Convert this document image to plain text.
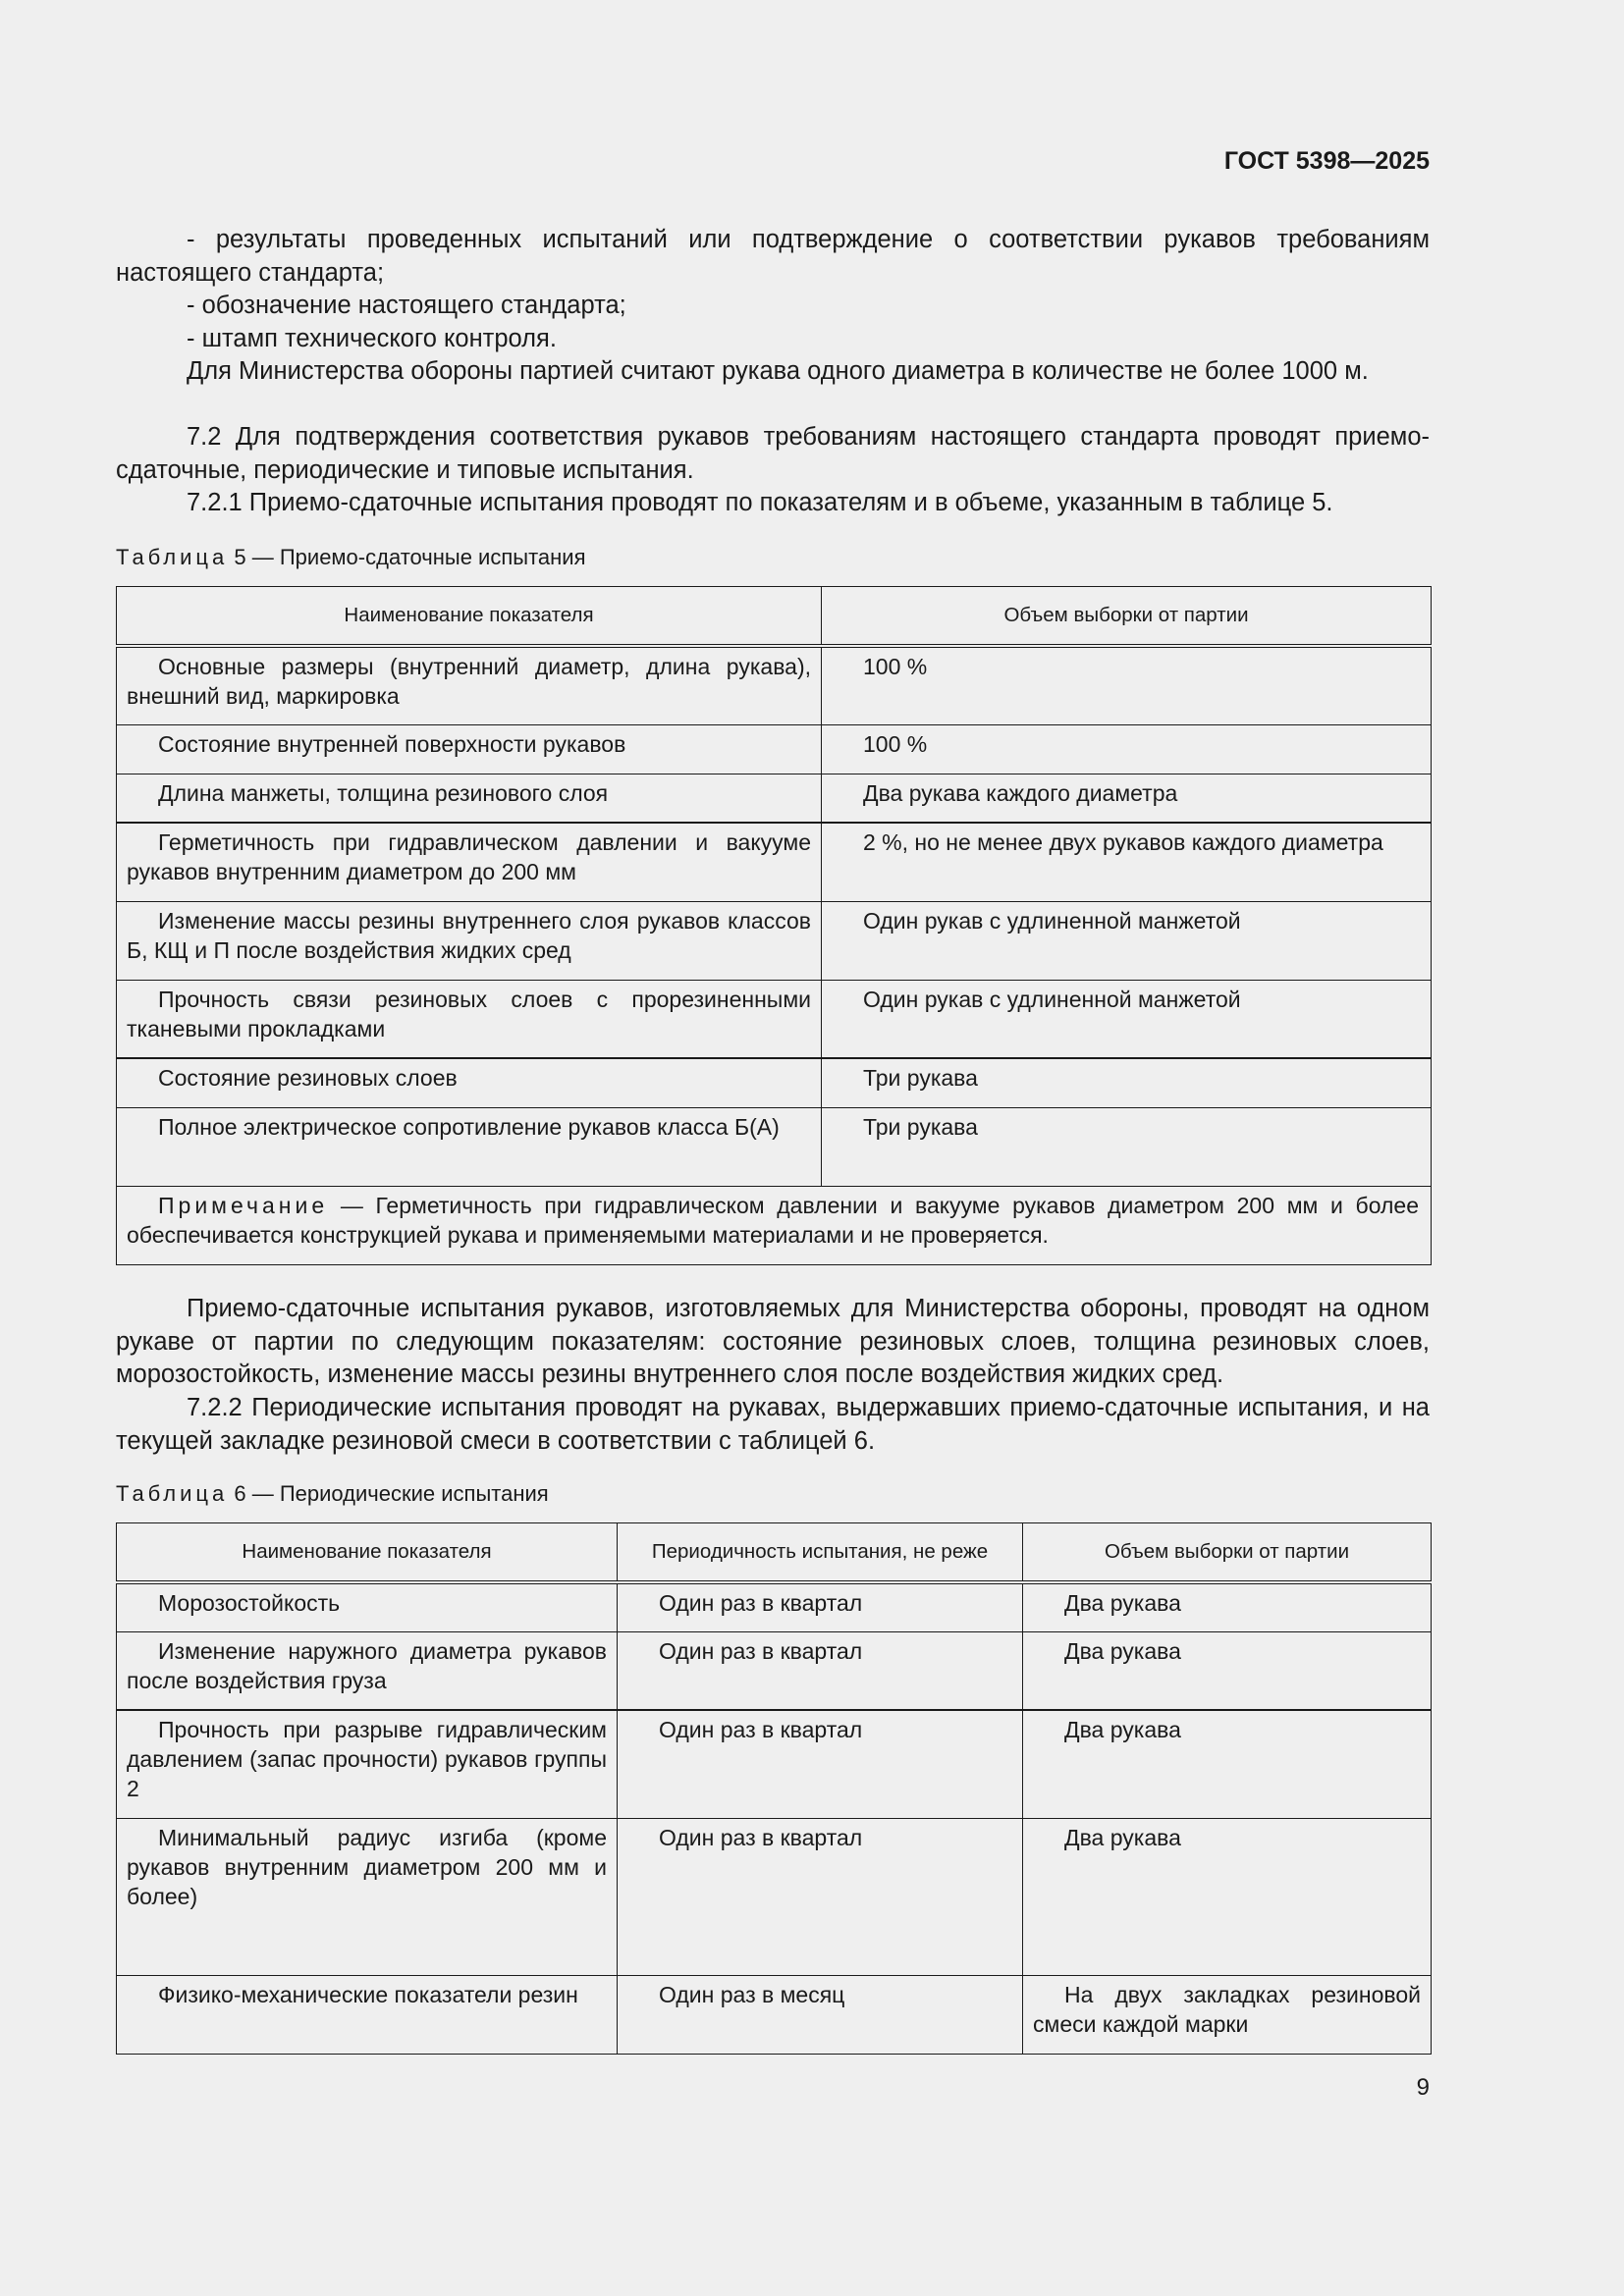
ГОСТ 5398—2025

- результаты проведенных испытаний или подтверждение о соответствии рукавов требованиям настоящего стандарта;

- обозначение настоящего стандарта;

- штамп технического контроля.

Для Министерства обороны партией считают рукава одного диаметра в количестве не более 1000 м.

7.2 Для подтверждения соответствия рукавов требованиям настоящего стандарта проводят приемо-сдаточные, периодические и типовые испытания.

7.2.1 Приемо-сдаточные испытания проводят по показателям и в объеме, указанным в таблице 5.

Таблица 5 — Приемо-сдаточные испытания

Наименование показателя	Объем выборки от партии
Основные размеры (внутренний диаметр, длина рукава), внешний вид, маркировка	100 %
Состояние внутренней поверхности рукавов	100 %
Длина манжеты, толщина резинового слоя	Два рукава каждого диаметра
Герметичность при гидравлическом давлении и вакууме рукавов внутренним диаметром до 200 мм	2 %, но не менее двух рукавов каждого диаметра
Изменение массы резины внутреннего слоя рукавов классов Б, КЩ и П после воздействия жидких сред	Один рукав с удлиненной манжетой
Прочность связи резиновых слоев с прорезиненными тканевыми прокладками	Один рукав с удлиненной манжетой
Состояние резиновых слоев	Три рукава
Полное электрическое сопротивление рукавов класса Б(А)	Три рукава
Примечание — Герметичность при гидравлическом давлении и вакууме рукавов диаметром 200 мм и более обеспечивается конструкцией рукава и применяемыми материалами и не проверяется.	

Приемо-сдаточные испытания рукавов, изготовляемых для Министерства обороны, проводят на одном рукаве от партии по следующим показателям: состояние резиновых слоев, толщина резиновых слоев, морозостойкость, изменение массы резины внутреннего слоя после воздействия жидких сред.

7.2.2 Периодические испытания проводят на рукавах, выдержавших приемо-сдаточные испытания, и на текущей закладке резиновой смеси в соответствии с таблицей 6.

Таблица 6 — Периодические испытания

Наименование показателя	Периодичность испытания, не реже	Объем выборки от партии
Морозостойкость	Один раз в квартал	Два рукава
Изменение наружного диаметра рукавов после воздействия груза	Один раз в квартал	Два рукава
Прочность при разрыве гидравлическим давлением (запас прочности) рукавов группы 2	Один раз в квартал	Два рукава
Минимальный радиус изгиба (кроме рукавов внутренним диаметром 200 мм и более)	Один раз в квартал	Два рукава
Физико-механические показатели резин	Один раз в месяц	На двух закладках резиновой смеси каждой марки
9
